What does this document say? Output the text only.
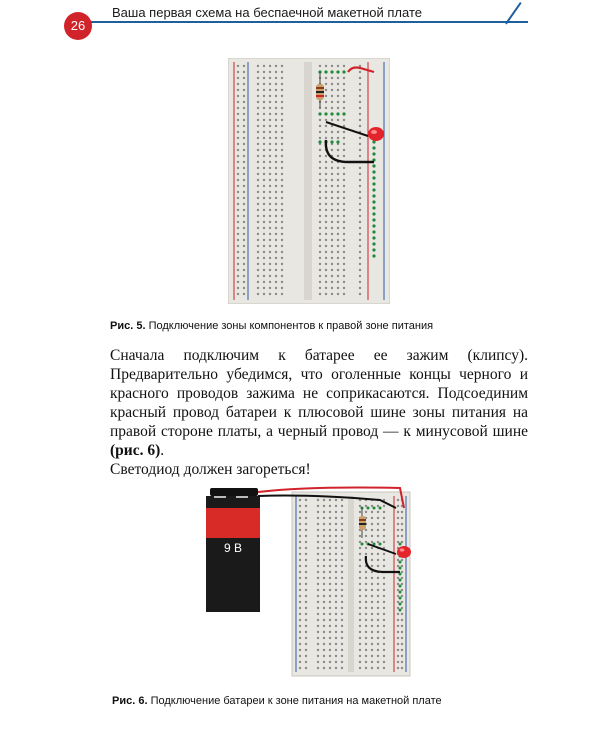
26
Ваша первая схема на беспаечной макетной плате
Рис. 5. Подключение зоны компонентов к правой зоне питания

Сначала подключим к батарее ее зажим (клипсу). Предварительно убедимся, что оголенные концы черного и красного проводов зажима не соприкасаются. Подсоединим красный провод батареи к плюсовой шине зоны питания на правой стороне платы, а черный провод — к минусовой шине (рис. 6).

Светодиод должен загореться!

9 В
Рис. 6. Подключение батареи к зоне питания на макетной плате
